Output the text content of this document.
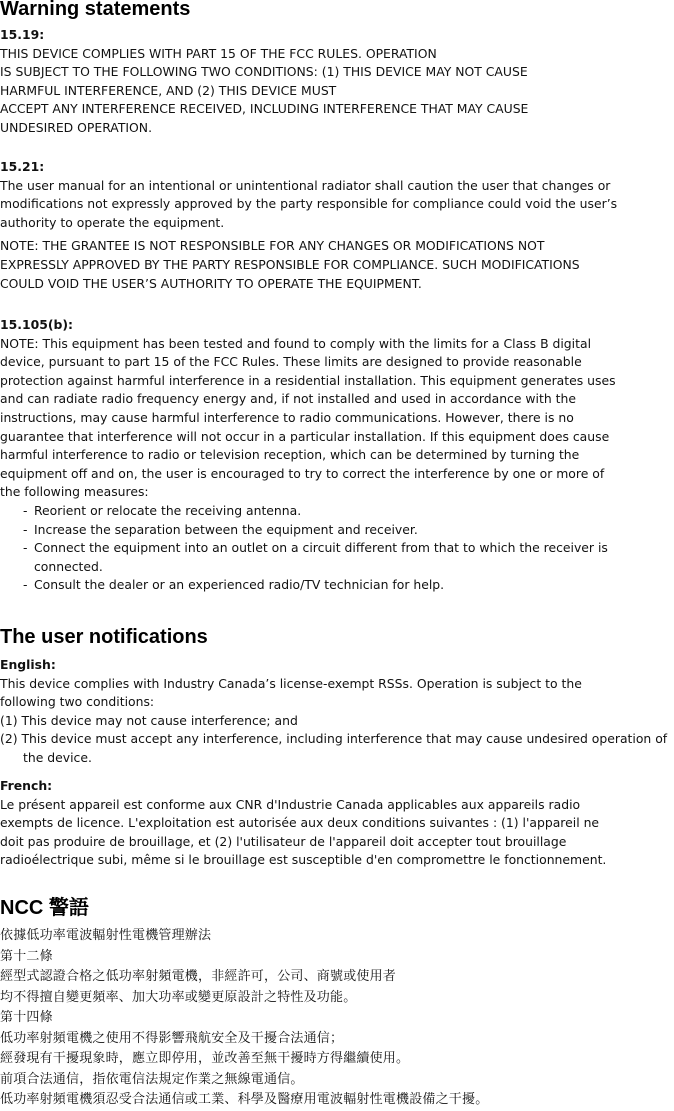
Warning statements

15.19:

THIS DEVICE COMPLIES WITH PART 15 OF THE FCC RULES. OPERATION

IS SUBJECT TO THE FOLLOWING TWO CONDITIONS: (1) THIS DEVICE MAY NOT CAUSE

HARMFUL INTERFERENCE, AND (2) THIS DEVICE MUST

ACCEPT ANY INTERFERENCE RECEIVED, INCLUDING INTERFERENCE THAT MAY CAUSE

UNDESIRED OPERATION.

15.21:

The user manual for an intentional or unintentional radiator shall caution the user that changes or

modifications not expressly approved by the party responsible for compliance could void the user’s

authority to operate the equipment.

NOTE: THE GRANTEE IS NOT RESPONSIBLE FOR ANY CHANGES OR MODIFICATIONS NOT

EXPRESSLY APPROVED BY THE PARTY RESPONSIBLE FOR COMPLIANCE. SUCH MODIFICATIONS

COULD VOID THE USER’S AUTHORITY TO OPERATE THE EQUIPMENT.

15.105(b):

NOTE: This equipment has been tested and found to comply with the limits for a Class B digital

device, pursuant to part 15 of the FCC Rules. These limits are designed to provide reasonable

protection against harmful interference in a residential installation. This equipment generates uses

and can radiate radio frequency energy and, if not installed and used in accordance with the

instructions, may cause harmful interference to radio communications. However, there is no

guarantee that interference will not occur in a particular installation. If this equipment does cause

harmful interference to radio or television reception, which can be determined by turning the

equipment off and on, the user is encouraged to try to correct the interference by one or more of

the following measures:

- Reorient or relocate the receiving antenna.
- Increase the separation between the equipment and receiver.
- Connect the equipment into an outlet on a circuit different from that to which the receiver is connected.
- Consult the dealer or an experienced radio/TV technician for help.
The user notifications

English:

This device complies with Industry Canada’s license-exempt RSSs. Operation is subject to the

following two conditions:

(1) This device may not cause interference; and
(2) This device must accept any interference, including interference that may cause undesired operation of the device.

French:

Le présent appareil est conforme aux CNR d'Industrie Canada applicables aux appareils radio

exempts de licence. L'exploitation est autorisée aux deux conditions suivantes : (1) l'appareil ne

doit pas produire de brouillage, et (2) l'utilisateur de l'appareil doit accepter tout brouillage

radioélectrique subi, même si le brouillage est susceptible d'en compromettre le fonctionnement.

NCC 警語

依據低功率電波輻射性電機管理辦法

第十二條

經型式認證合格之低功率射頻電機，非經許可，公司、商號或使用者

均不得擅自變更頻率、加大功率或變更原設計之特性及功能。

第十四條

低功率射頻電機之使用不得影響飛航安全及干擾合法通信；

經發現有干擾現象時，應立即停用，並改善至無干擾時方得繼續使用。

前項合法通信，指依電信法規定作業之無線電通信。

低功率射頻電機須忍受合法通信或工業、科學及醫療用電波輻射性電機設備之干擾。
